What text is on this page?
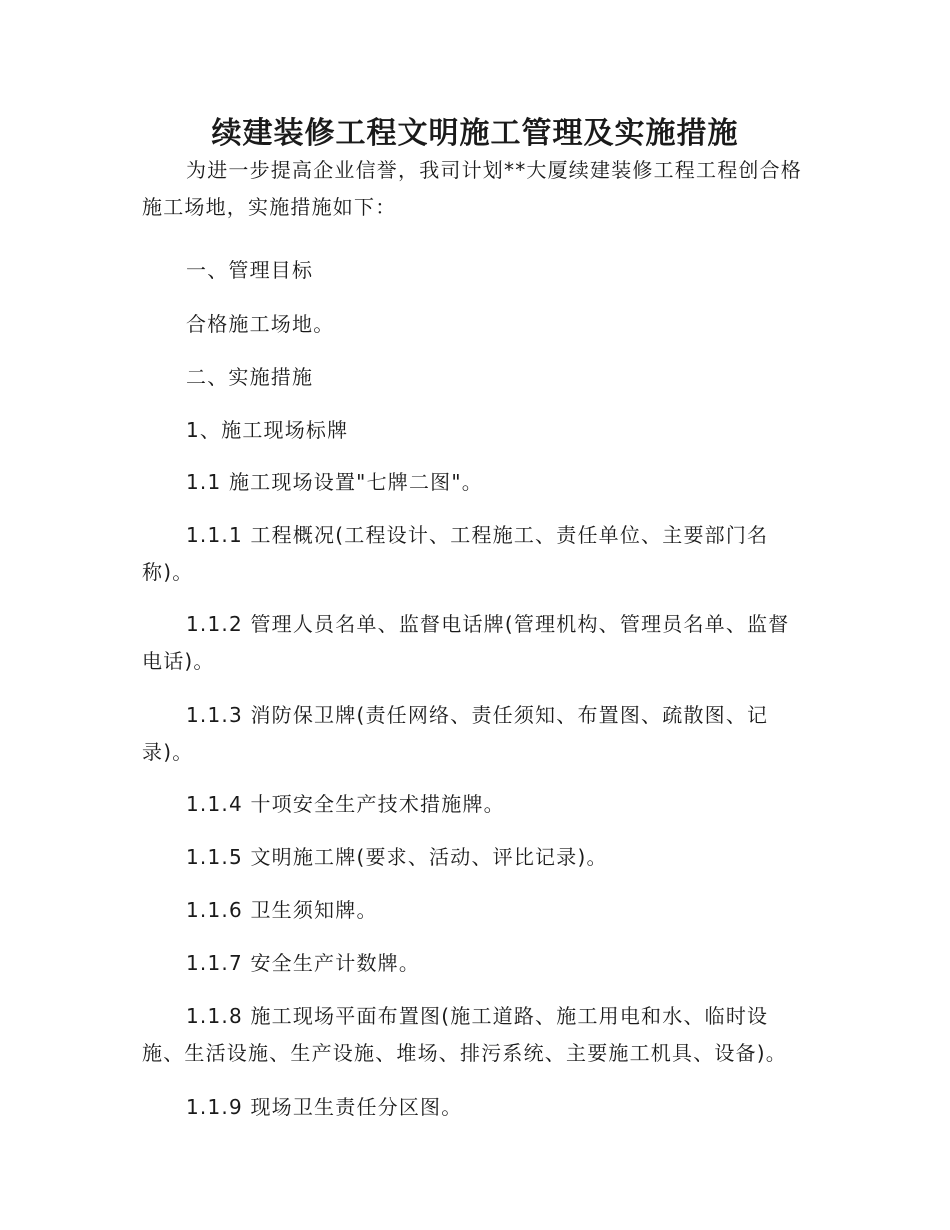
续建装修工程文明施工管理及实施措施

为进一步提高企业信誉，我司计划**大厦续建装修工程工程创合格施工场地，实施措施如下：

一、管理目标

合格施工场地。

二、实施措施

1、施工现场标牌

1.1 施工现场设置"七牌二图"。

1.1.1 工程概况(工程设计、工程施工、责任单位、主要部门名称)。

1.1.2 管理人员名单、监督电话牌(管理机构、管理员名单、监督电话)。

1.1.3 消防保卫牌(责任网络、责任须知、布置图、疏散图、记录)。

1.1.4 十项安全生产技术措施牌。

1.1.5 文明施工牌(要求、活动、评比记录)。

1.1.6 卫生须知牌。

1.1.7 安全生产计数牌。

1.1.8 施工现场平面布置图(施工道路、施工用电和水、临时设施、生活设施、生产设施、堆场、排污系统、主要施工机具、设备)。

1.1.9 现场卫生责任分区图。
